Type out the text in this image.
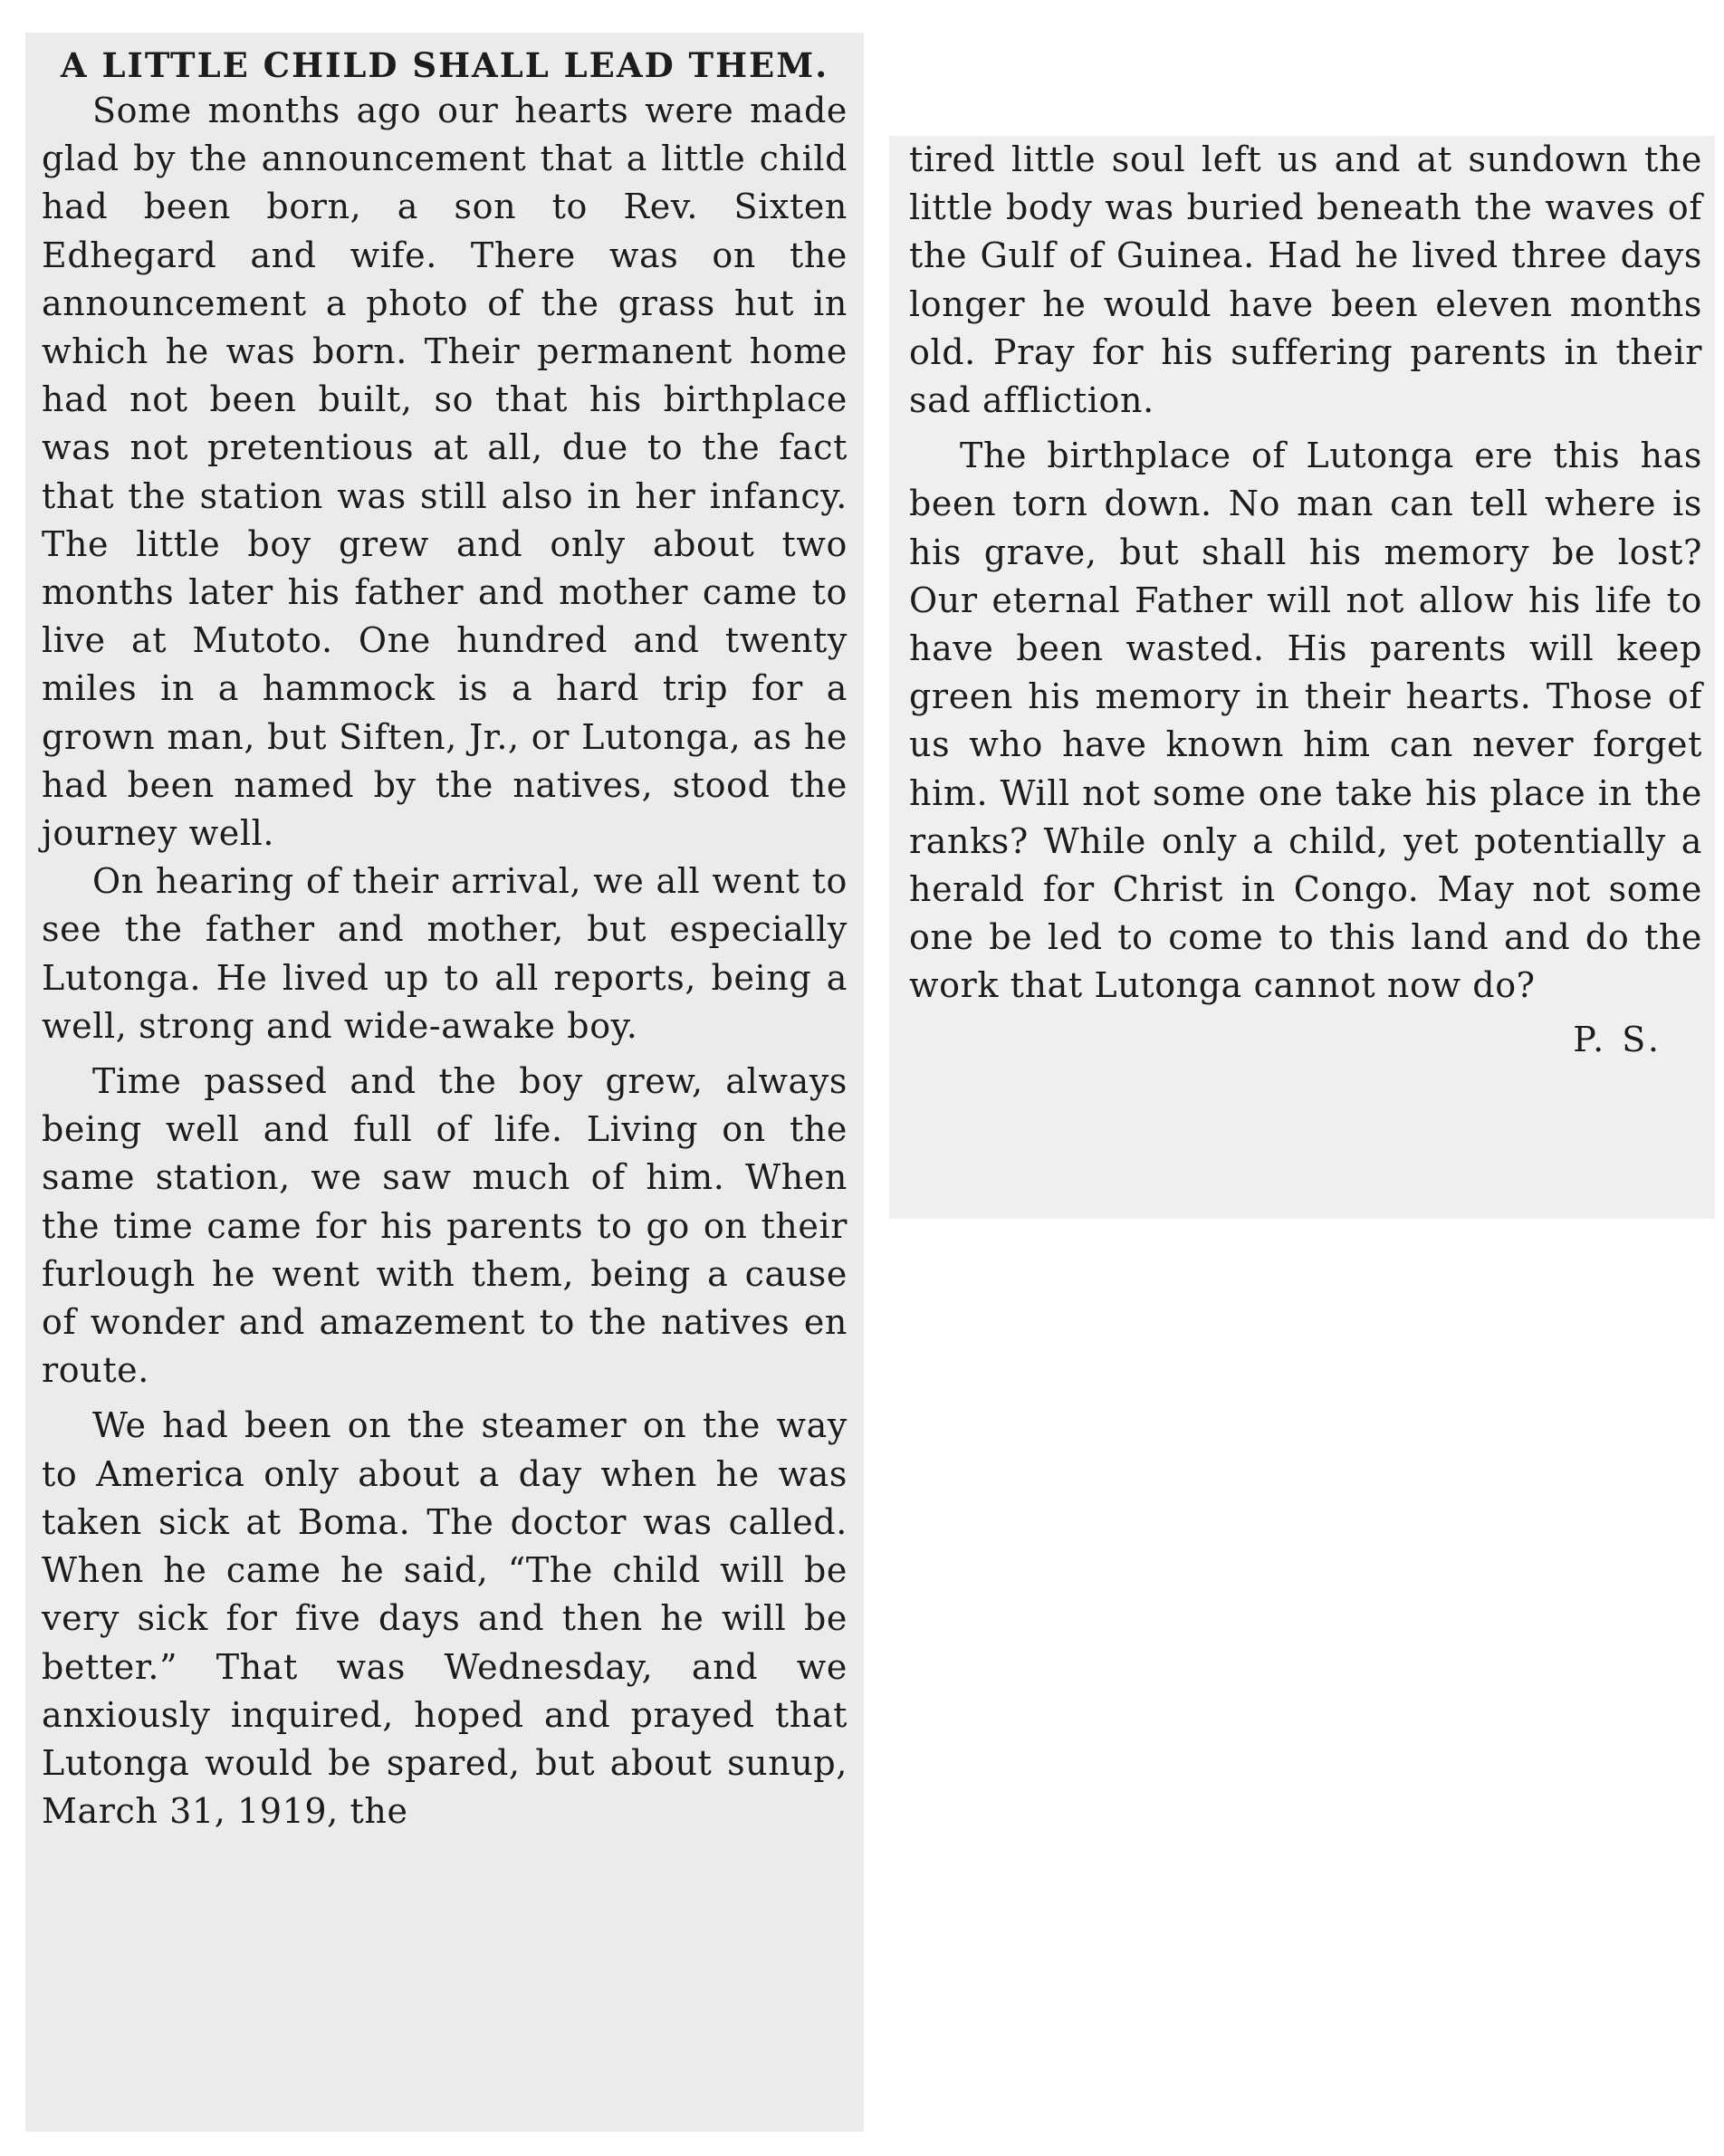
A LITTLE CHILD SHALL LEAD THEM.

Some months ago our hearts were made glad by the announcement that a little child had been born, a son to Rev. Sixten Edhegard and wife. There was on the announcement a photo of the grass hut in which he was born. Their permanent home had not been built, so that his birthplace was not pretentious at all, due to the fact that the station was still also in her infancy. The little boy grew and only about two months later his father and mother came to live at Mutoto. One hundred and twenty miles in a hammock is a hard trip for a grown man, but Siften, Jr., or Lutonga, as he had been named by the natives, stood the journey well.

On hearing of their arrival, we all went to see the father and mother, but especially Lutonga. He lived up to all reports, being a well, strong and wide-awake boy.

Time passed and the boy grew, always being well and full of life. Living on the same station, we saw much of him. When the time came for his parents to go on their furlough he went with them, being a cause of wonder and amazement to the natives en route.

We had been on the steamer on the way to America only about a day when he was taken sick at Boma. The doctor was called. When he came he said, “The child will be very sick for five days and then he will be better.” That was Wednesday, and we anxiously inquired, hoped and prayed that Lutonga would be spared, but about sunup, March 31, 1919, the

tired little soul left us and at sundown the little body was buried beneath the waves of the Gulf of Guinea. Had he lived three days longer he would have been eleven months old. Pray for his suffering parents in their sad affliction.

The birthplace of Lutonga ere this has been torn down. No man can tell where is his grave, but shall his memory be lost? Our eternal Father will not allow his life to have been wasted. His parents will keep green his memory in their hearts. Those of us who have known him can never forget him. Will not some one take his place in the ranks? While only a child, yet potentially a herald for Christ in Congo. May not some one be led to come to this land and do the work that Lutonga cannot now do?

P. S.
